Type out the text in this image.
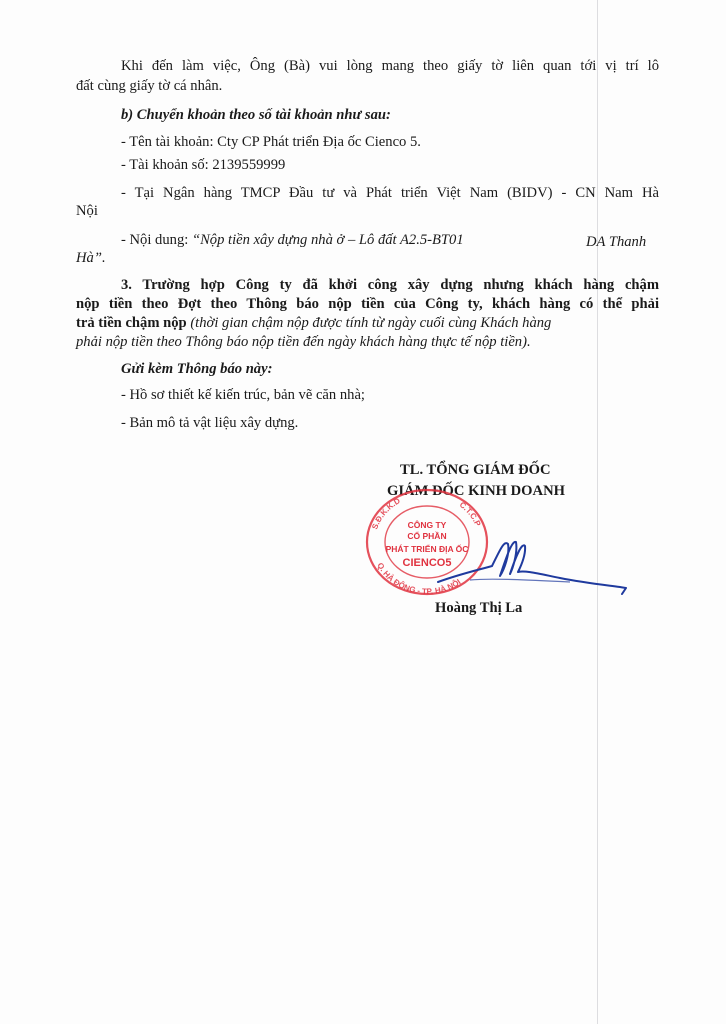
Khi đến làm việc, Ông (Bà) vui lòng mang theo giấy tờ liên quan tới vị trí lô
đất cùng giấy tờ cá nhân.
b) Chuyển khoản theo số tài khoản như sau:
- Tên tài khoản: Cty CP Phát triển Địa ốc Cienco 5.
- Tài khoản số: 2139559999
- Tại Ngân hàng TMCP Đầu tư và Phát triển Việt Nam (BIDV) - CN Nam Hà
Nội
- Nội dung: “Nộp tiền xây dựng nhà ở – Lô đất A2.5-BT01	DA Thanh
Hà”.
3. Trường hợp Công ty đã khởi công xây dựng nhưng khách hàng chậm
nộp tiền theo Đợt theo Thông báo nộp tiền của Công ty, khách hàng có thể phải
trả tiền chậm nộp (thời gian chậm nộp được tính từ ngày cuối cùng Khách hàng
phải nộp tiền theo Thông báo nộp tiền đến ngày khách hàng thực tế nộp tiền).
Gửi kèm Thông báo này:
- Hồ sơ thiết kế kiến trúc, bản vẽ căn nhà;
- Bản mô tả vật liệu xây dựng.
TL. TỔNG GIÁM ĐỐC
GIÁM ĐỐC KINH DOANH
S.Đ.K.K.D	C.T.C.P
Q. HÀ ĐÔNG - TP. HÀ NỘI
CÔNG TY
CỔ PHẦN
PHÁT TRIỂN ĐỊA ỐC
CIENCO5
Hoàng Thị La
